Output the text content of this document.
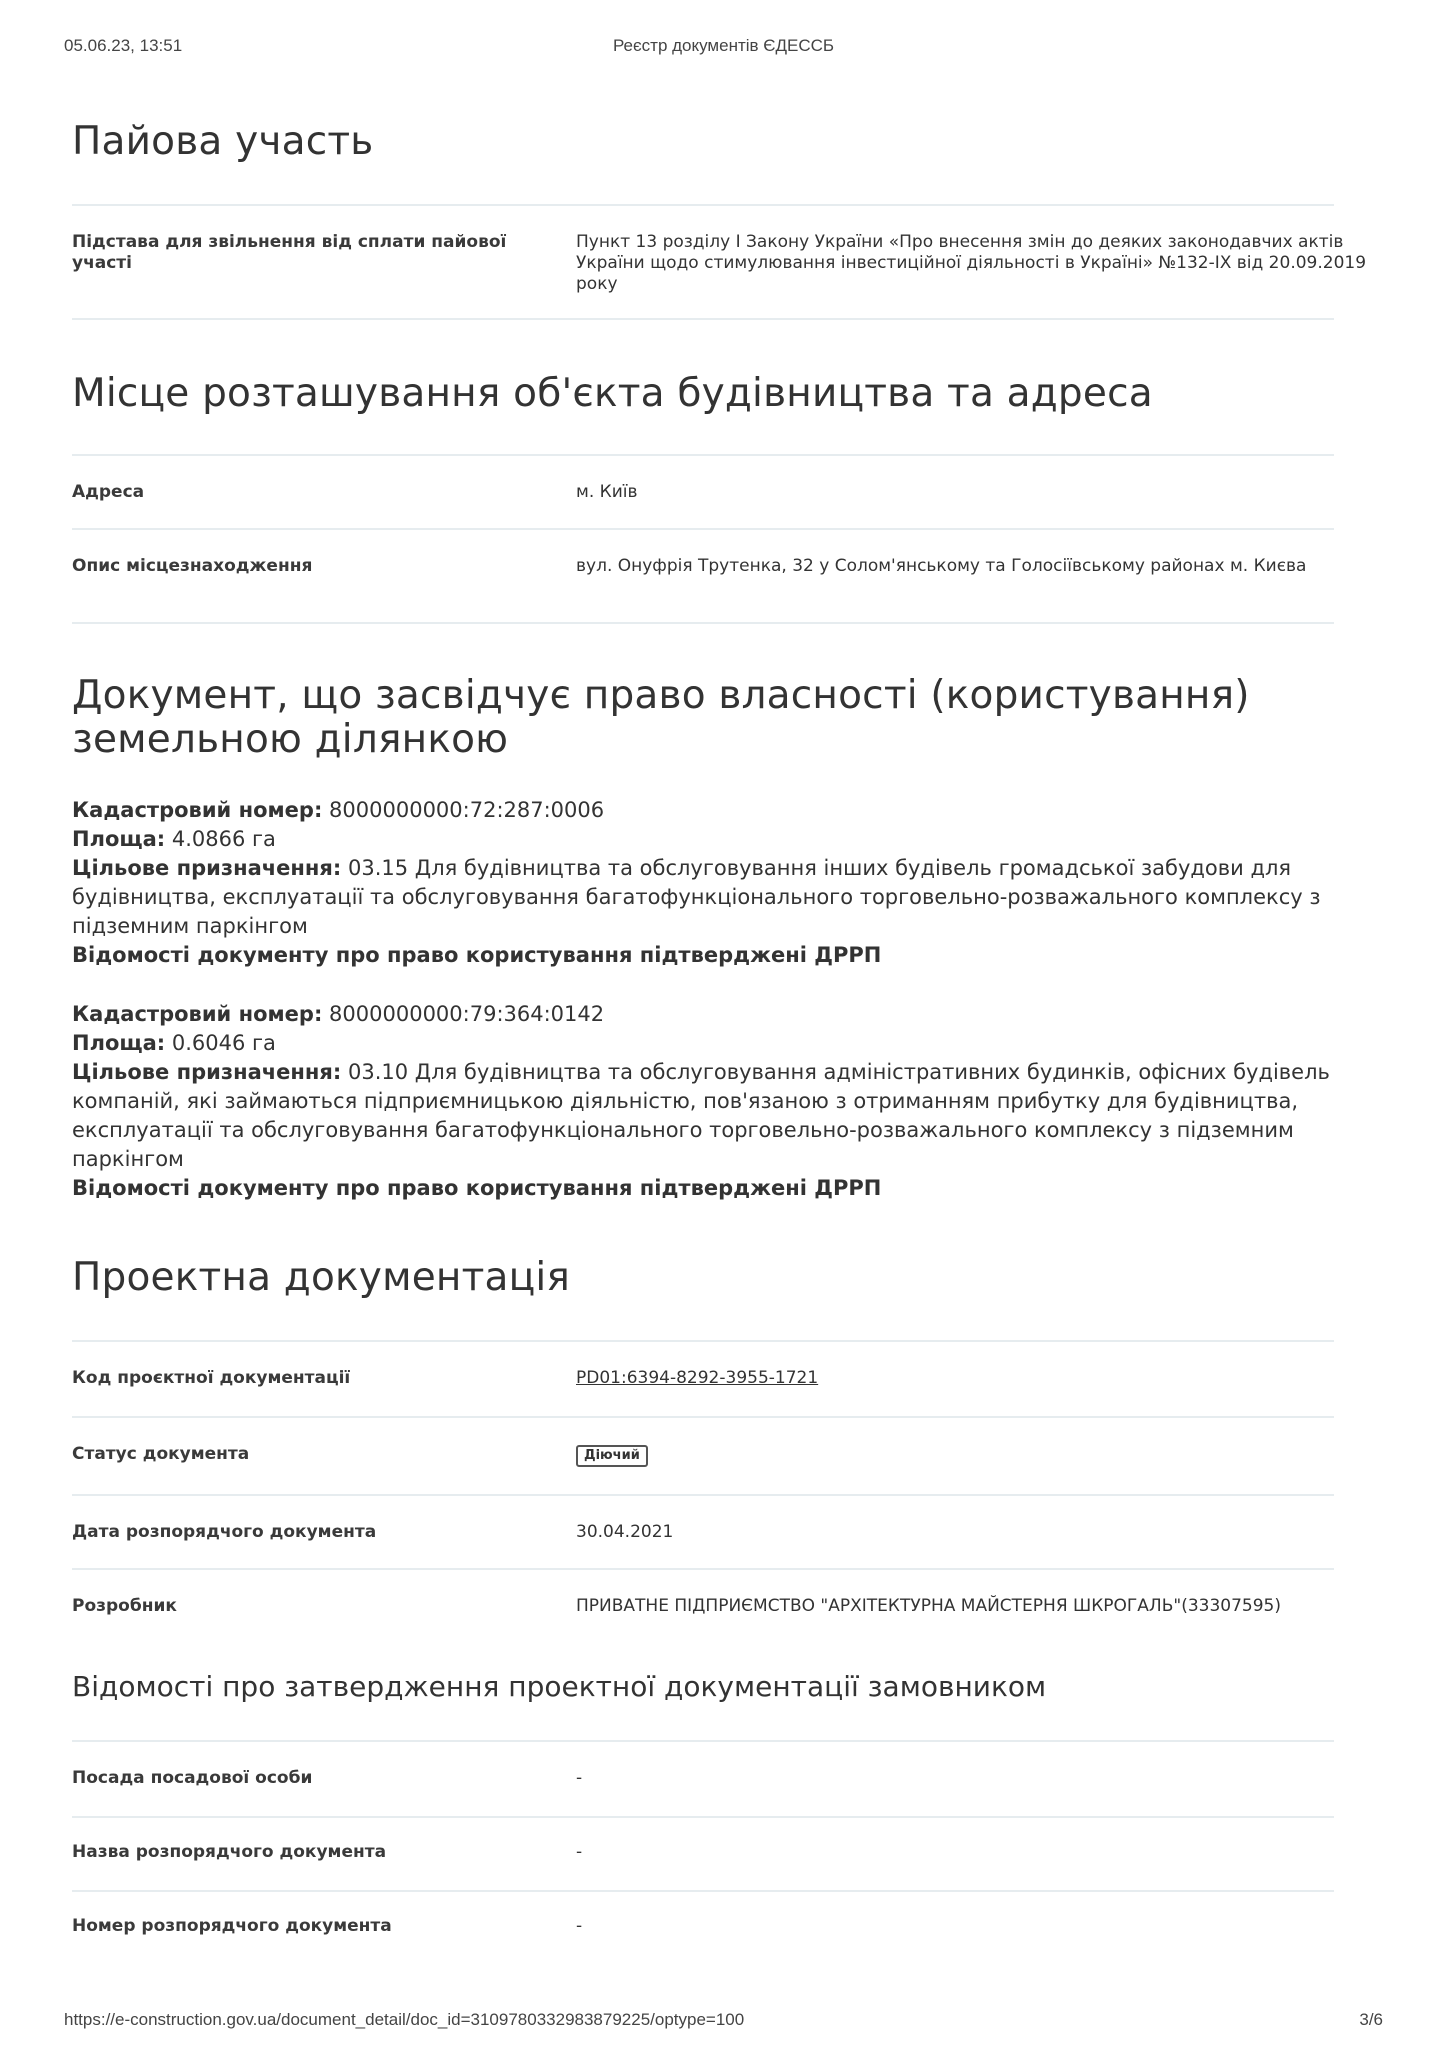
05.06.23, 13:51	Реєстр документів ЄДЕССБ
Пайова участь
Підстава для звільнення від сплати пайової участі
Пункт 13 розділу І Закону України «Про внесення змін до деяких законодавчих актів України щодо стимулювання інвестиційної діяльності в Україні» №132-ІХ від 20.09.2019 року
Місце розташування об'єкта будівництва та адреса
Адреса	м. Київ
Опис місцезнаходження	вул. Онуфрія Трутенка, 32 у Солом'янському та Голосіївському районах м. Києва
Документ, що засвідчує право власності (користування) земельною ділянкою

Кадастровий номер: 8000000000:72:287:0006

Площа: 4.0866 га

Цільове призначення: 03.15 Для будівництва та обслуговування інших будівель громадської забудови для будівництва, експлуатації та обслуговування багатофункціонального торговельно-розважального комплексу з підземним паркінгом

Відомості документу про право користування підтверджені ДРРП

Кадастровий номер: 8000000000:79:364:0142

Площа: 0.6046 га

Цільове призначення: 03.10 Для будівництва та обслуговування адміністративних будинків, офісних будівель компаній, які займаються підприємницькою діяльністю, пов'язаною з отриманням прибутку для будівництва, експлуатації та обслуговування багатофункціонального торговельно-розважального комплексу з підземним паркінгом

Відомості документу про право користування підтверджені ДРРП

Проектна документація
Код проєктної документації	PD01:6394-8292-3955-1721
Статус документа	Діючий
Дата розпорядчого документа	30.04.2021
Розробник	ПРИВАТНЕ ПІДПРИЄМСТВО "АРХІТЕКТУРНА МАЙСТЕРНЯ ШКРОГАЛЬ"(33307595)
Відомості про затвердження проектної документації замовником
Посада посадової особи	-
Назва розпорядчого документа	-
Номер розпорядчого документа	-
https://e-construction.gov.ua/document_detail/doc_id=3109780332983879225/optype=100	3/6
